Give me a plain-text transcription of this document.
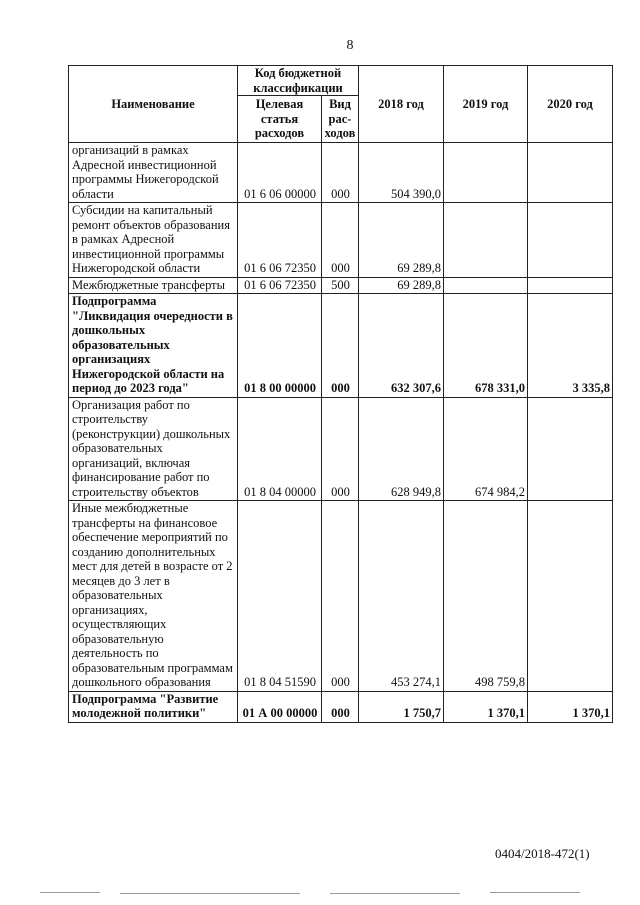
8
Наименование	Код бюджетной классификации		2018 год	2019 год	2020 год
	Целевая статья расходов	Вид рас-ходов			
организаций в рамках Адресной инвестиционной программы Нижегородской области	01 6 06 00000	000	504 390,0		
Субсидии на капитальный ремонт объектов образования в рамках Адресной инвестиционной программы Нижегородской области	01 6 06 72350	000	69 289,8		
Межбюджетные трансферты	01 6 06 72350	500	69 289,8		
Подпрограмма "Ликвидация очередности в дошкольных образовательных организациях Нижегородской области на период до 2023 года"	01 8 00 00000	000	632 307,6	678 331,0	3 335,8
Организация работ по строительству (реконструкции) дошкольных образовательных организаций, включая финансирование работ по строительству объектов	01 8 04 00000	000	628 949,8	674 984,2	
Иные межбюджетные трансферты на финансовое обеспечение мероприятий по созданию дополнительных мест для детей в возрасте от 2 месяцев до 3 лет в образовательных организациях, осуществляющих образовательную деятельность по образовательным программам дошкольного образования	01 8 04 51590	000	453 274,1	498 759,8	
Подпрограмма "Развитие молодежной политики"	01 А 00 00000	000	1 750,7	1 370,1	1 370,1
0404/2018-472(1)
